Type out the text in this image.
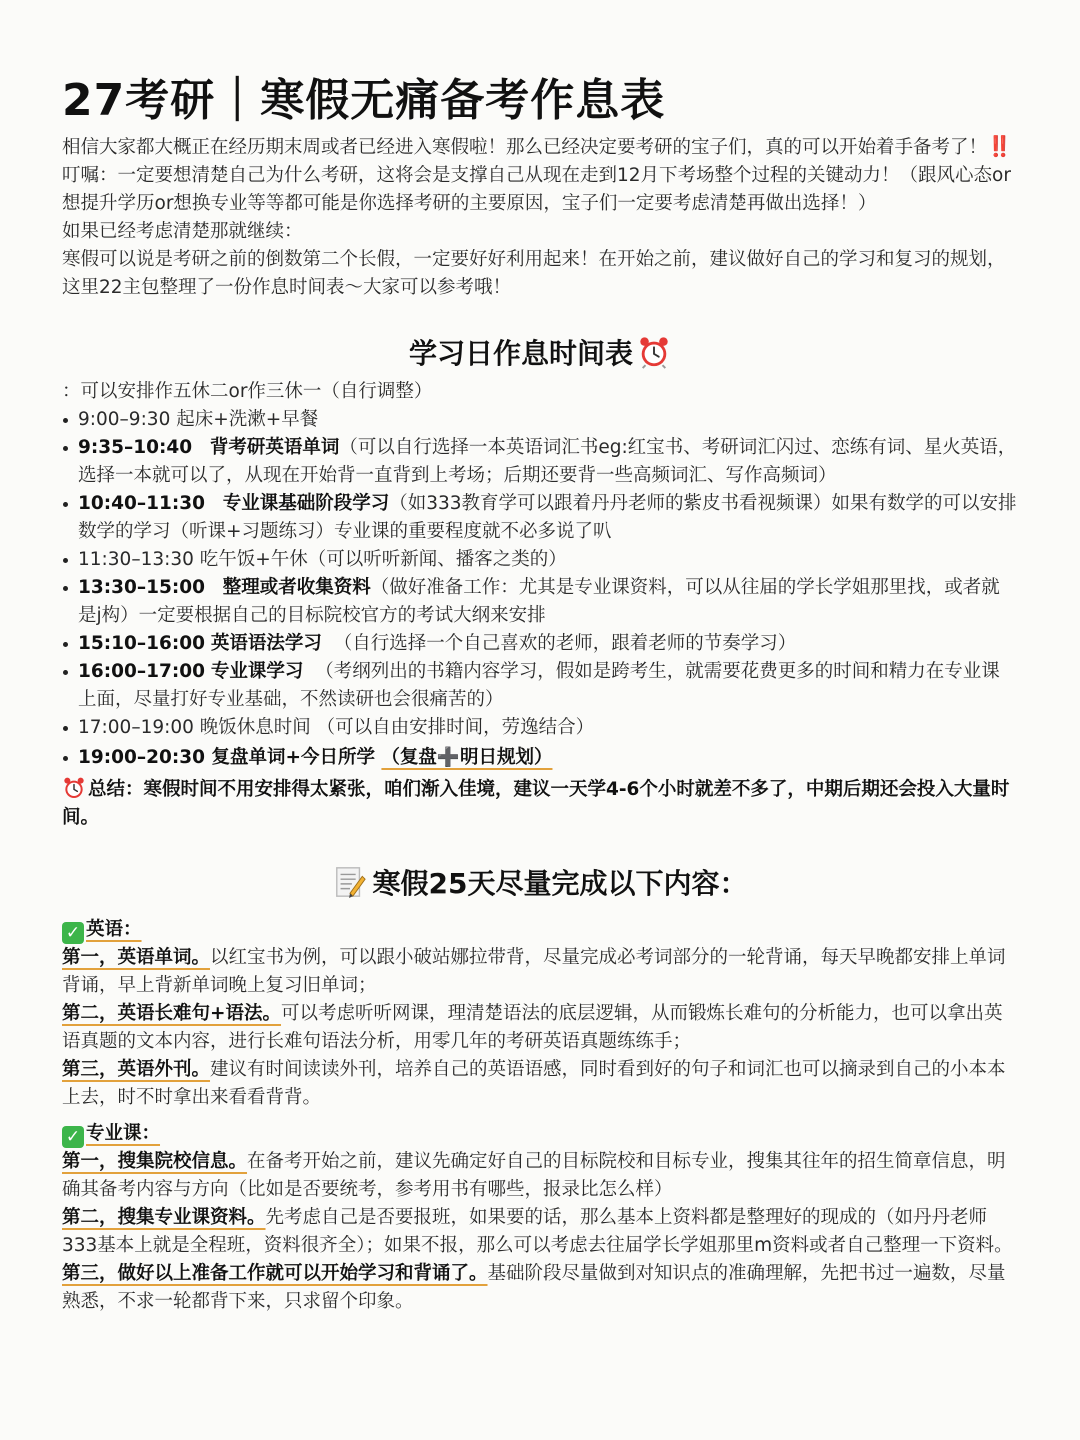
27考研｜寒假无痛备考作息表

相信大家都大概正在经历期末周或者已经进入寒假啦！那么已经决定要考研的宝子们，真的可以开始着手备考了！‼️叮嘱：一定要想清楚自己为什么考研，这将会是支撑自己从现在走到12月下考场整个过程的关键动力！（跟风心态or想提升学历or想换专业等等都可能是你选择考研的主要原因，宝子们一定要考虑清楚再做出选择！）

如果已经考虑清楚那就继续：

寒假可以说是考研之前的倒数第二个长假，一定要好好利用起来！在开始之前，建议做好自己的学习和复习的规划，这里22主包整理了一份作息时间表～大家可以参考哦！

学习日作息时间表

：可以安排作五休二or作三休一（自行调整）

9:00–9:30 起床+洗漱+早餐
9:35–10:40 背考研英语单词（可以自行选择一本英语词汇书eg:红宝书、考研词汇闪过、恋练有词、星火英语，选择一本就可以了，从现在开始背一直背到上考场；后期还要背一些高频词汇、写作高频词）
10:40–11:30 专业课基础阶段学习（如333教育学可以跟着丹丹老师的紫皮书看视频课）如果有数学的可以安排数学的学习（听课+习题练习）专业课的重要程度就不必多说了叭
11:30–13:30 吃午饭+午休（可以听听新闻、播客之类的）
13:30–15:00 整理或者收集资料（做好准备工作：尤其是专业课资料，可以从往届的学长学姐那里找，或者就是j构）一定要根据自己的目标院校官方的考试大纲来安排
15:10–16:00 英语语法学习 （自行选择一个自己喜欢的老师，跟着老师的节奏学习）
16:00–17:00 专业课学习 （考纲列出的书籍内容学习，假如是跨考生，就需要花费更多的时间和精力在专业课上面，尽量打好专业基础，不然读研也会很痛苦的）
17:00–19:00 晚饭休息时间 （可以自由安排时间，劳逸结合）
19:00–20:30 复盘单词+今日所学 （复盘➕明日规划）

总结：寒假时间不用安排得太紧张，咱们渐入佳境，建议一天学4-6个小时就差不多了，中期后期还会投入大量时间。

寒假25天尽量完成以下内容：

✓ 英语：

第一，英语单词。以红宝书为例，可以跟小破站娜拉带背，尽量完成必考词部分的一轮背诵，每天早晚都安排上单词背诵，早上背新单词晚上复习旧单词；

第二，英语长难句+语法。可以考虑听听网课，理清楚语法的底层逻辑，从而锻炼长难句的分析能力，也可以拿出英语真题的文本内容，进行长难句语法分析，用零几年的考研英语真题练练手；

第三，英语外刊。建议有时间读读外刊，培养自己的英语语感，同时看到好的句子和词汇也可以摘录到自己的小本本上去，时不时拿出来看看背背。

✓ 专业课：

第一，搜集院校信息。在备考开始之前，建议先确定好自己的目标院校和目标专业，搜集其往年的招生简章信息，明确其备考内容与方向（比如是否要统考，参考用书有哪些，报录比怎么样）

第二，搜集专业课资料。先考虑自己是否要报班，如果要的话，那么基本上资料都是整理好的现成的（如丹丹老师333基本上就是全程班，资料很齐全）；如果不报，那么可以考虑去往届学长学姐那里m资料或者自己整理一下资料。

第三，做好以上准备工作就可以开始学习和背诵了。基础阶段尽量做到对知识点的准确理解，先把书过一遍数，尽量熟悉，不求一轮都背下来，只求留个印象。
